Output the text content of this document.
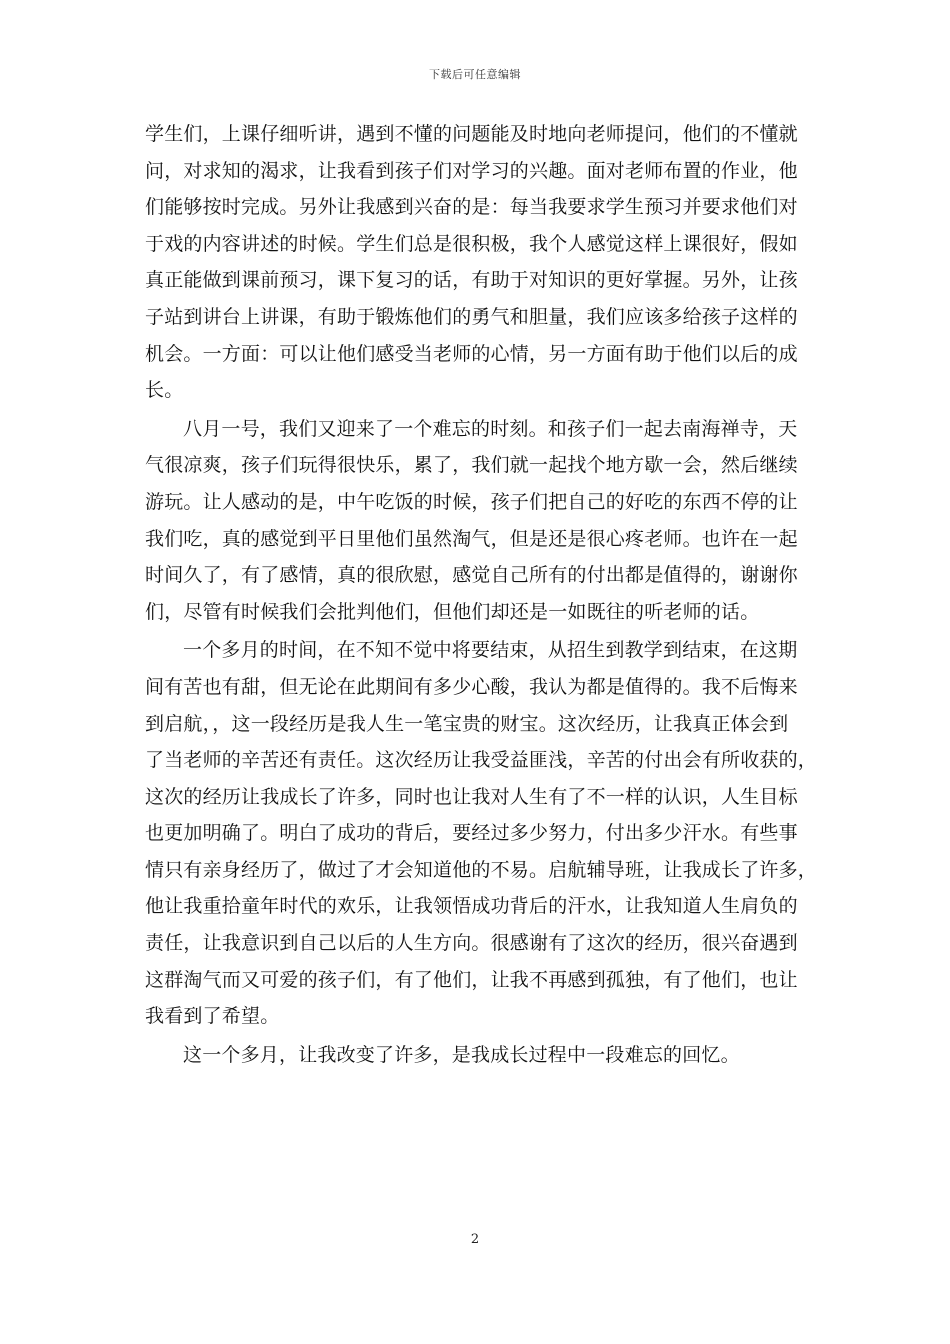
下载后可任意编辑
学生们，上课仔细听讲，遇到不懂的问题能及时地向老师提问，他们的不懂就
问，对求知的渴求，让我看到孩子们对学习的兴趣。面对老师布置的作业，他
们能够按时完成。另外让我感到兴奋的是：每当我要求学生预习并要求他们对
于戏的内容讲述的时候。学生们总是很积极，我个人感觉这样上课很好，假如
真正能做到课前预习，课下复习的话，有助于对知识的更好掌握。另外，让孩
子站到讲台上讲课，有助于锻炼他们的勇气和胆量，我们应该多给孩子这样的
机会。一方面：可以让他们感受当老师的心情，另一方面有助于他们以后的成
长。
八月一号，我们又迎来了一个难忘的时刻。和孩子们一起去南海禅寺，天
气很凉爽，孩子们玩得很快乐，累了，我们就一起找个地方歇一会，然后继续
游玩。让人感动的是，中午吃饭的时候，孩子们把自己的好吃的东西不停的让
我们吃，真的感觉到平日里他们虽然淘气，但是还是很心疼老师。也许在一起
时间久了，有了感情，真的很欣慰，感觉自己所有的付出都是值得的，谢谢你
们，尽管有时候我们会批判他们，但他们却还是一如既往的听老师的话。
一个多月的时间，在不知不觉中将要结束，从招生到教学到结束，在这期
间有苦也有甜，但无论在此期间有多少心酸，我认为都是值得的。我不后悔来
到启航，，这一段经历是我人生一笔宝贵的财宝。这次经历，让我真正体会到
了当老师的辛苦还有责任。这次经历让我受益匪浅，辛苦的付出会有所收获的，
这次的经历让我成长了许多，同时也让我对人生有了不一样的认识，人生目标
也更加明确了。明白了成功的背后，要经过多少努力，付出多少汗水。有些事
情只有亲身经历了，做过了才会知道他的不易。启航辅导班，让我成长了许多，
他让我重拾童年时代的欢乐，让我领悟成功背后的汗水，让我知道人生肩负的
责任，让我意识到自己以后的人生方向。很感谢有了这次的经历，很兴奋遇到
这群淘气而又可爱的孩子们，有了他们，让我不再感到孤独，有了他们，也让
我看到了希望。
这一个多月，让我改变了许多，是我成长过程中一段难忘的回忆。
2
